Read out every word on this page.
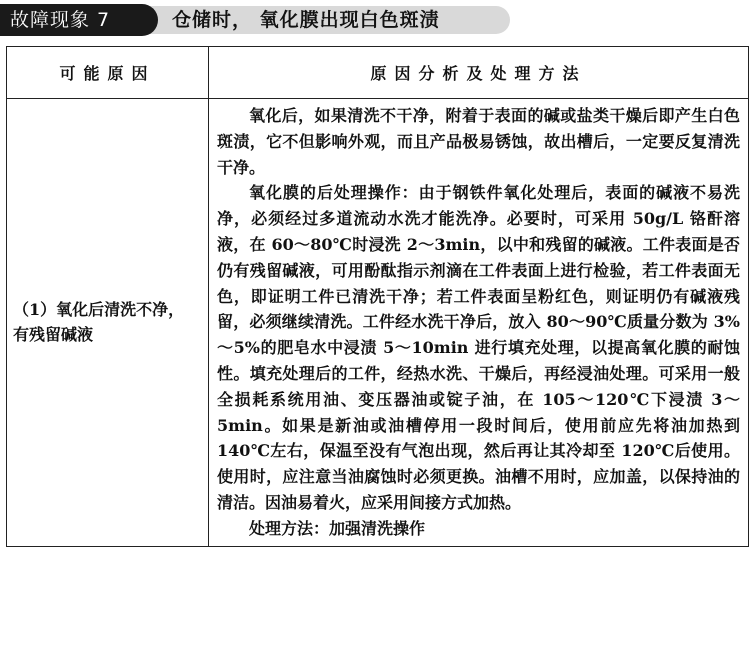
故障现象 7	仓储时， 氧化膜出现白色斑渍
可能原因	原因分析及处理方法
（1）氧化后清洗不净，有残留碱液	氧化后，如果清洗不干净，附着于表面的碱或盐类干燥后即产生白色斑渍，它不但影响外观，而且产品极易锈蚀，故出槽后，一定要反复清洗干净。

氧化膜的后处理操作：由于钢铁件氧化处理后，表面的碱液不易洗净，必须经过多道流动水洗才能洗净。必要时，可采用 50g/L 铬酐溶液，在 60～80℃时浸洗 2～3min，以中和残留的碱液。工件表面是否仍有残留碱液，可用酚酞指示剂滴在工件表面上进行检验，若工件表面无色，即证明工件已清洗干净；若工件表面呈粉红色，则证明仍有碱液残留，必须继续清洗。工件经水洗干净后，放入 80～90℃质量分数为 3%～5%的肥皂水中浸渍 5～10min 进行填充处理，以提高氧化膜的耐蚀性。填充处理后的工件，经热水洗、干燥后，再经浸油处理。可采用一般全损耗系统用油、变压器油或锭子油，在 105～120℃下浸渍 3～5min。如果是新油或油槽停用一段时间后，使用前应先将油加热到 140℃左右，保温至没有气泡出现，然后再让其冷却至 120℃后使用。使用时，应注意当油腐蚀时必须更换。油槽不用时，应加盖，以保持油的清洁。因油易着火，应采用间接方式加热。

处理方法：加强清洗操作
